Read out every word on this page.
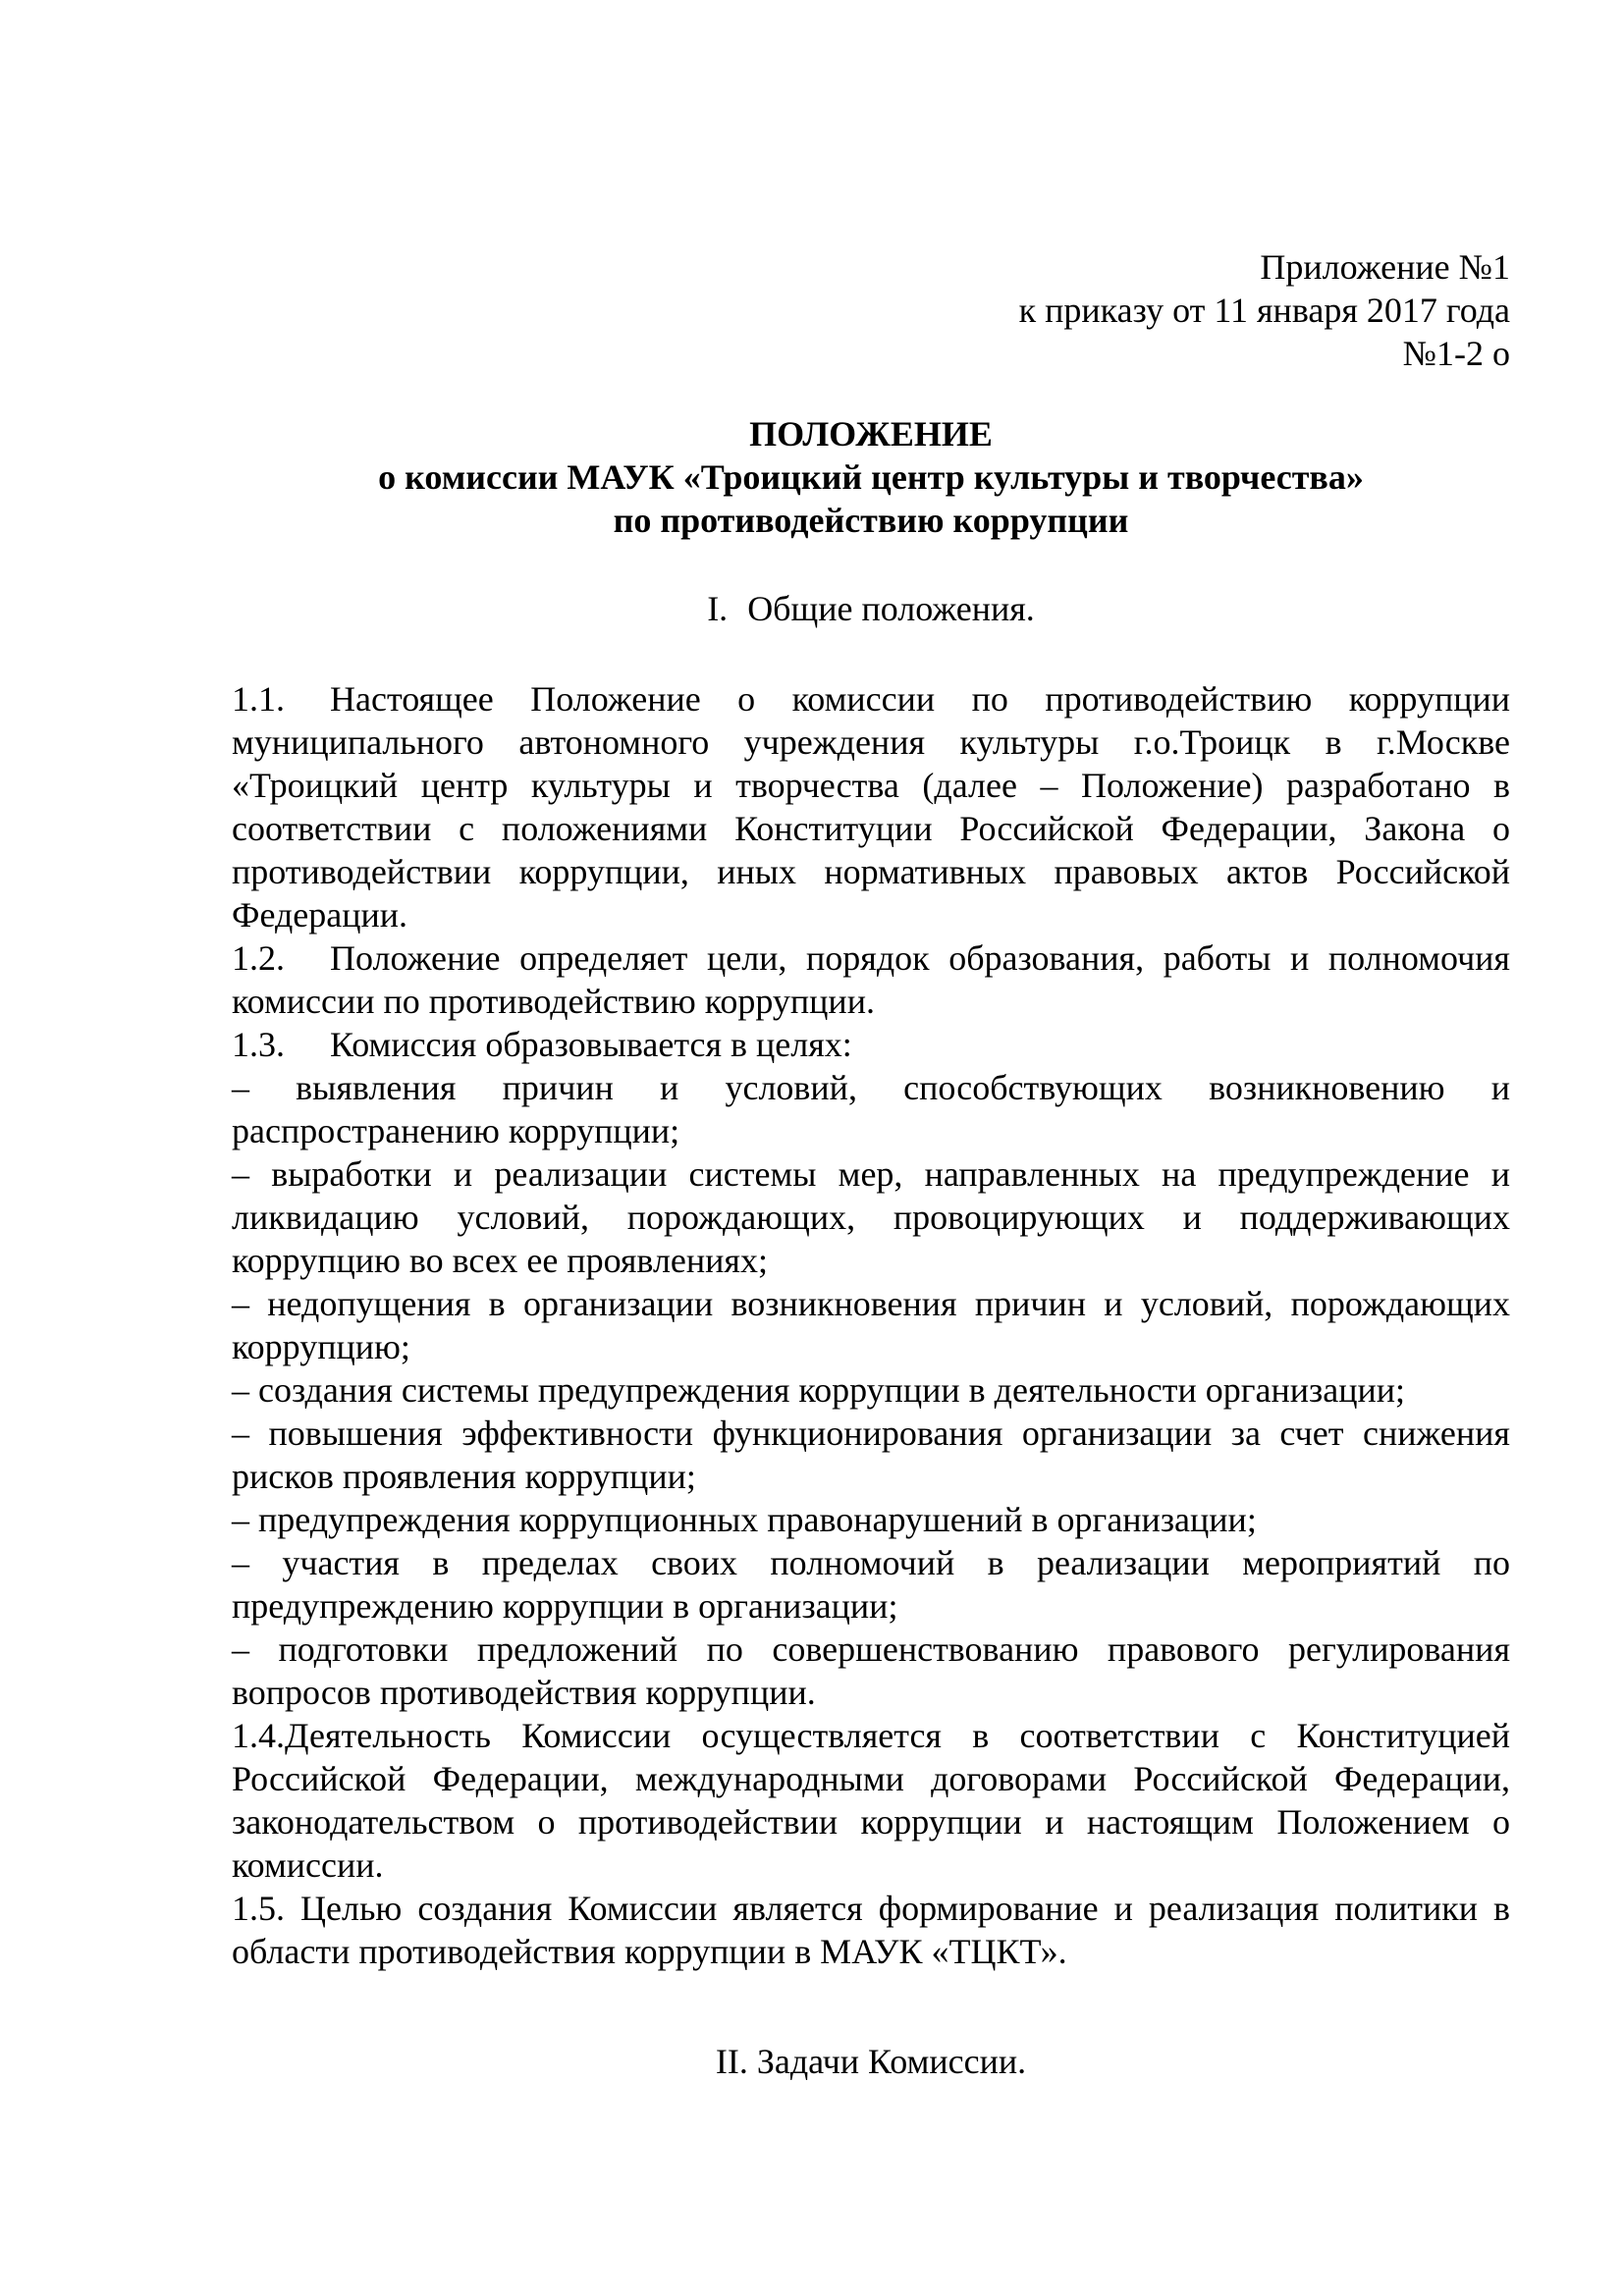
Приложение №1
к приказу от 11 января 2017 года
№1-2 о
ПОЛОЖЕНИЕ
о комиссии МАУК «Троицкий центр культуры и творчества»
по противодействию коррупции
I. Общие положения.

1.1. Настоящее Положение о комиссии по противодействию коррупции муниципального автономного учреждения культуры г.о.Троицк в г.Москве «Троицкий центр культуры и творчества (далее – Положение) разработано в соответствии с положениями Конституции Российской Федерации, Закона о противодействии коррупции, иных нормативных правовых актов Российской Федерации.

1.2. Положение определяет цели, порядок образования, работы и полномочия комиссии по противодействию коррупции.

1.3. Комиссия образовывается в целях:

– выявления причин и условий, способствующих возникновению и распространению коррупции;

– выработки и реализации системы мер, направленных на предупреждение и ликвидацию условий, порождающих, провоцирующих и поддерживающих коррупцию во всех ее проявлениях;

– недопущения в организации возникновения причин и условий, порождающих коррупцию;

– создания системы предупреждения коррупции в деятельности организации;

– повышения эффективности функционирования организации за счет снижения рисков проявления коррупции;

– предупреждения коррупционных правонарушений в организации;

– участия в пределах своих полномочий в реализации мероприятий по предупреждению коррупции в организации;

– подготовки предложений по совершенствованию правового регулирования вопросов противодействия коррупции.

1.4.Деятельность Комиссии осуществляется в соответствии с Конституцией Российской Федерации, международными договорами Российской Федерации, законодательством о противодействии коррупции и настоящим Положением о комиссии.

1.5. Целью создания Комиссии является формирование и реализация политики в области противодействия коррупции в МАУК «ТЦКТ».

II. Задачи Комиссии.
